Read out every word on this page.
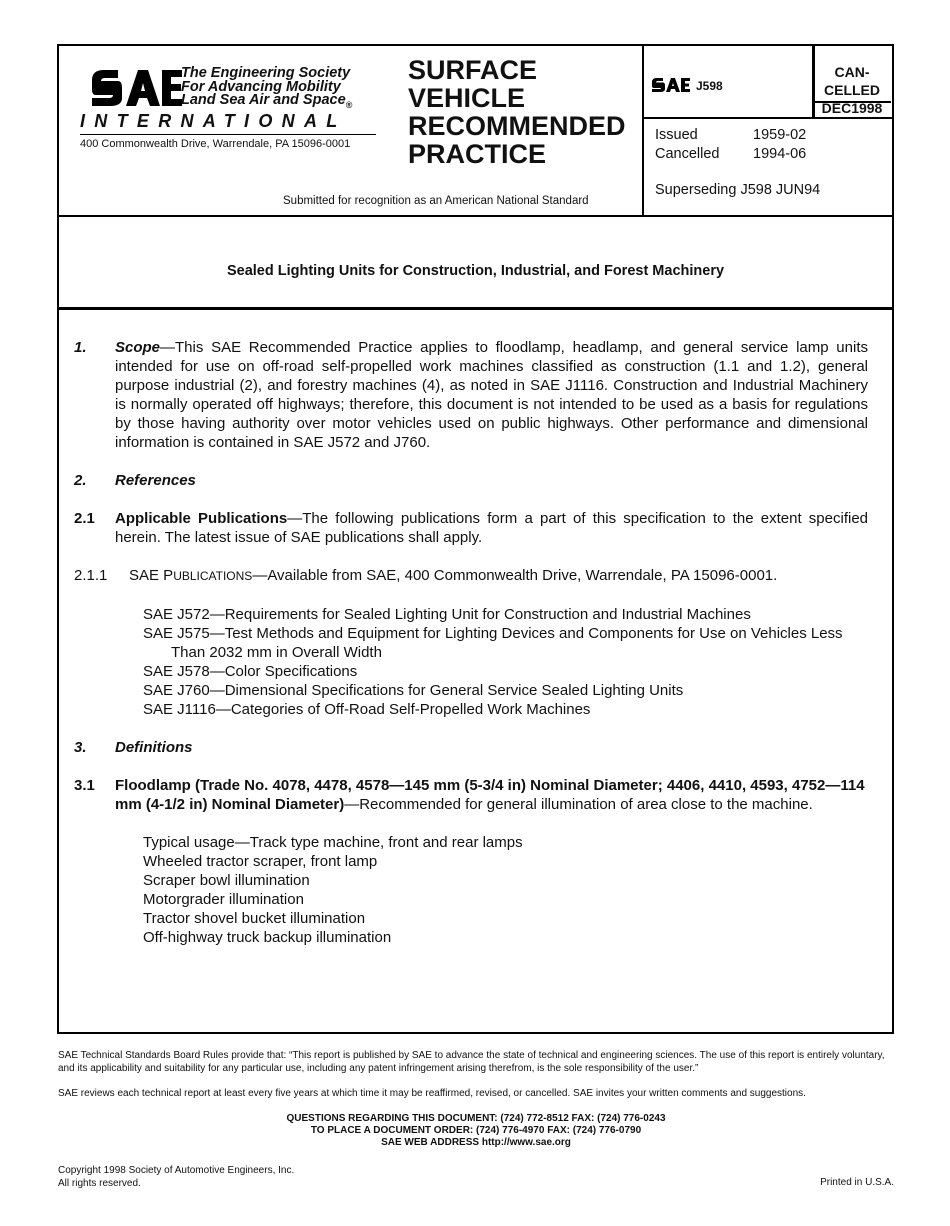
The Engineering Society
For Advancing Mobility
Land Sea Air and Space$_®$
INTERNATIONAL
400 Commonwealth Drive, Warrendale, PA 15096-0001
SURFACE
VEHICLE
RECOMMENDED
PRACTICE
Submitted for recognition as an American National Standard
J598
CAN-
CELLED
DEC1998
Issued	1959-02
Cancelled	1994-06
Superseding J598 JUN94
Sealed Lighting Units for Construction, Industrial, and Forest Machinery
1.	Scope—This SAE Recommended Practice applies to floodlamp, headlamp, and general service lamp units intended for use on off-road self-propelled work machines classified as construction (1.1 and 1.2), general purpose industrial (2), and forestry machines (4), as noted in SAE J1116. Construction and Industrial Machinery is normally operated off highways; therefore, this document is not intended to be used as a basis for regulations by those having authority over motor vehicles used on public highways. Other performance and dimensional information is contained in SAE J572 and J760.
2.	References
2.1	Applicable Publications—The following publications form a part of this specification to the extent specified herein. The latest issue of SAE publications shall apply.
2.1.1	SAE PUBLICATIONS—Available from SAE, 400 Commonwealth Drive, Warrendale, PA 15096-0001.
SAE J572—Requirements for Sealed Lighting Unit for Construction and Industrial Machines
SAE J575—Test Methods and Equipment for Lighting Devices and Components for Use on Vehicles Less Than 2032 mm in Overall Width
SAE J578—Color Specifications
SAE J760—Dimensional Specifications for General Service Sealed Lighting Units
SAE J1116—Categories of Off-Road Self-Propelled Work Machines
3.	Definitions
3.1	Floodlamp (Trade No. 4078, 4478, 4578—145 mm (5-3/4 in) Nominal Diameter; 4406, 4410, 4593, 4752—114 mm (4-1/2 in) Nominal Diameter)—Recommended for general illumination of area close to the machine.
Typical usage—Track type machine, front and rear lamps
Wheeled tractor scraper, front lamp
Scraper bowl illumination
Motorgrader illumination
Tractor shovel bucket illumination
Off-highway truck backup illumination
SAE Technical Standards Board Rules provide that: “This report is published by SAE to advance the state of technical and engineering sciences. The use of this report is entirely voluntary, and its applicability and suitability for any particular use, including any patent infringement arising therefrom, is the sole responsibility of the user.”
SAE reviews each technical report at least every five years at which time it may be reaffirmed, revised, or cancelled. SAE invites your written comments and suggestions.
QUESTIONS REGARDING THIS DOCUMENT: (724) 772-8512 FAX: (724) 776-0243
TO PLACE A DOCUMENT ORDER: (724) 776-4970 FAX: (724) 776-0790
SAE WEB ADDRESS http://www.sae.org
Copyright 1998 Society of Automotive Engineers, Inc.
All rights reserved.	Printed in U.S.A.
